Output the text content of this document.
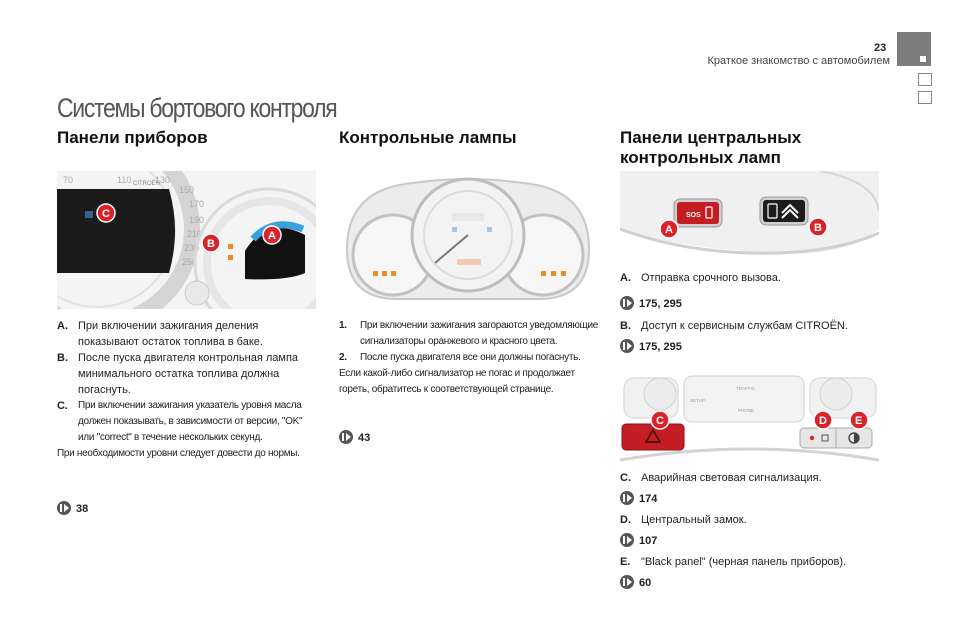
23
Краткое знакомство с автомобилем
Системы бортового контроля
Панели приборов	Контрольные лампы	Панели центральных контрольных ламп
70	110	130
150
170
190
210
230
250
CITROËN
C
B
A
SOS
A	B
SETUP
TRAFFIC
PHONE
C	D	E
A. При включении зажигания деления показывают остаток топлива в баке.
B. После пуска двигателя контрольная лампа минимального остатка топлива должна погаснуть.
C. При включении зажигания указатель уровня масла должен показывать, в зависимости от версии, "OK" или "correct" в течение нескольких секунд.
При необходимости уровни следует довести до нормы.
38
1. При включении зажигания загораются уведомляющие сигнализаторы оранжевого и красного цвета.
2. После пуска двигателя все они должны погаснуть.
Если какой-либо сигнализатор не погас и продолжает гореть, обратитесь к соответствующей странице.
43
A. Отправка срочного вызова.
175, 295
B. Доступ к сервисным службам CITROËN.
175, 295
C. Аварийная световая сигнализация.
174
D. Центральный замок.
107
E. "Black panel" (черная панель приборов).
60
